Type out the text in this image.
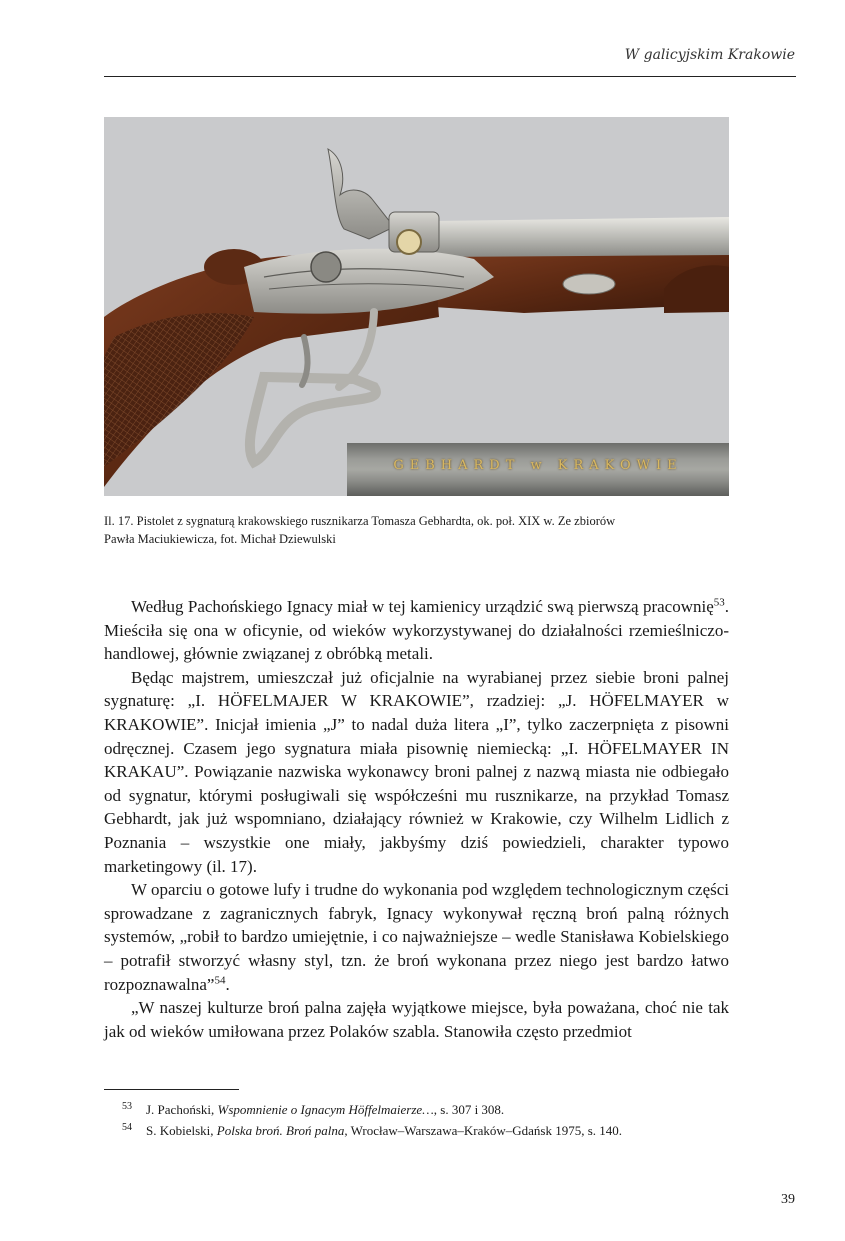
W galicyjskim Krakowie
GEBHARDT w KRAKOWIE
Il. 17. Pistolet z sygnaturą krakowskiego rusznikarza Tomasza Gebhardta, ok. poł. XIX w. Ze zbiorów
Pawła Maciukiewicza, fot. Michał Dziewulski

Według Pachońskiego Ignacy miał w tej kamienicy urządzić swą pierwszą pracownię$^{53}$. Mieściła się ona w oficynie, od wieków wykorzystywanej do działalności rzemieślniczo-handlowej, głównie związanej z obróbką metali.

Będąc majstrem, umieszczał już oficjalnie na wyrabianej przez siebie broni palnej sygnaturę: „I. HÖFELMAJER W KRAKOWIE”, rzadziej: „J. HÖFELMAYER w KRAKOWIE”. Inicjał imienia „J” to nadal duża litera „I”, tylko zaczerpnięta z pisowni odręcznej. Czasem jego sygnatura miała pisownię niemiecką: „I. HÖFELMAYER IN KRAKAU”. Powiązanie nazwiska wykonawcy broni palnej z nazwą miasta nie odbiegało od sygnatur, którymi posługiwali się współcześni mu rusznikarze, na przykład Tomasz Gebhardt, jak już wspomniano, działający również w Krakowie, czy Wilhelm Lidlich z Poznania – wszystkie one miały, jakbyśmy dziś powiedzieli, charakter typowo marketingowy (il. 17).

W oparciu o gotowe lufy i trudne do wykonania pod względem technologicznym części sprowadzane z zagranicznych fabryk, Ignacy wykonywał ręczną broń palną różnych systemów, „robił to bardzo umiejętnie, i co najważniejsze – wedle Stanisława Kobielskiego – potrafił stworzyć własny styl, tzn. że broń wykonana przez niego jest bardzo łatwo rozpoznawalna”$^{54}$.

„W naszej kulturze broń palna zajęła wyjątkowe miejsce, była poważana, choć nie tak jak od wieków umiłowana przez Polaków szabla. Stanowiła często przedmiot

53 J. Pachoński, Wspomnienie o Ignacym Höffelmaierze…, s. 307 i 308.
54 S. Kobielski, Polska broń. Broń palna, Wrocław–Warszawa–Kraków–Gdańsk 1975, s. 140.
39
